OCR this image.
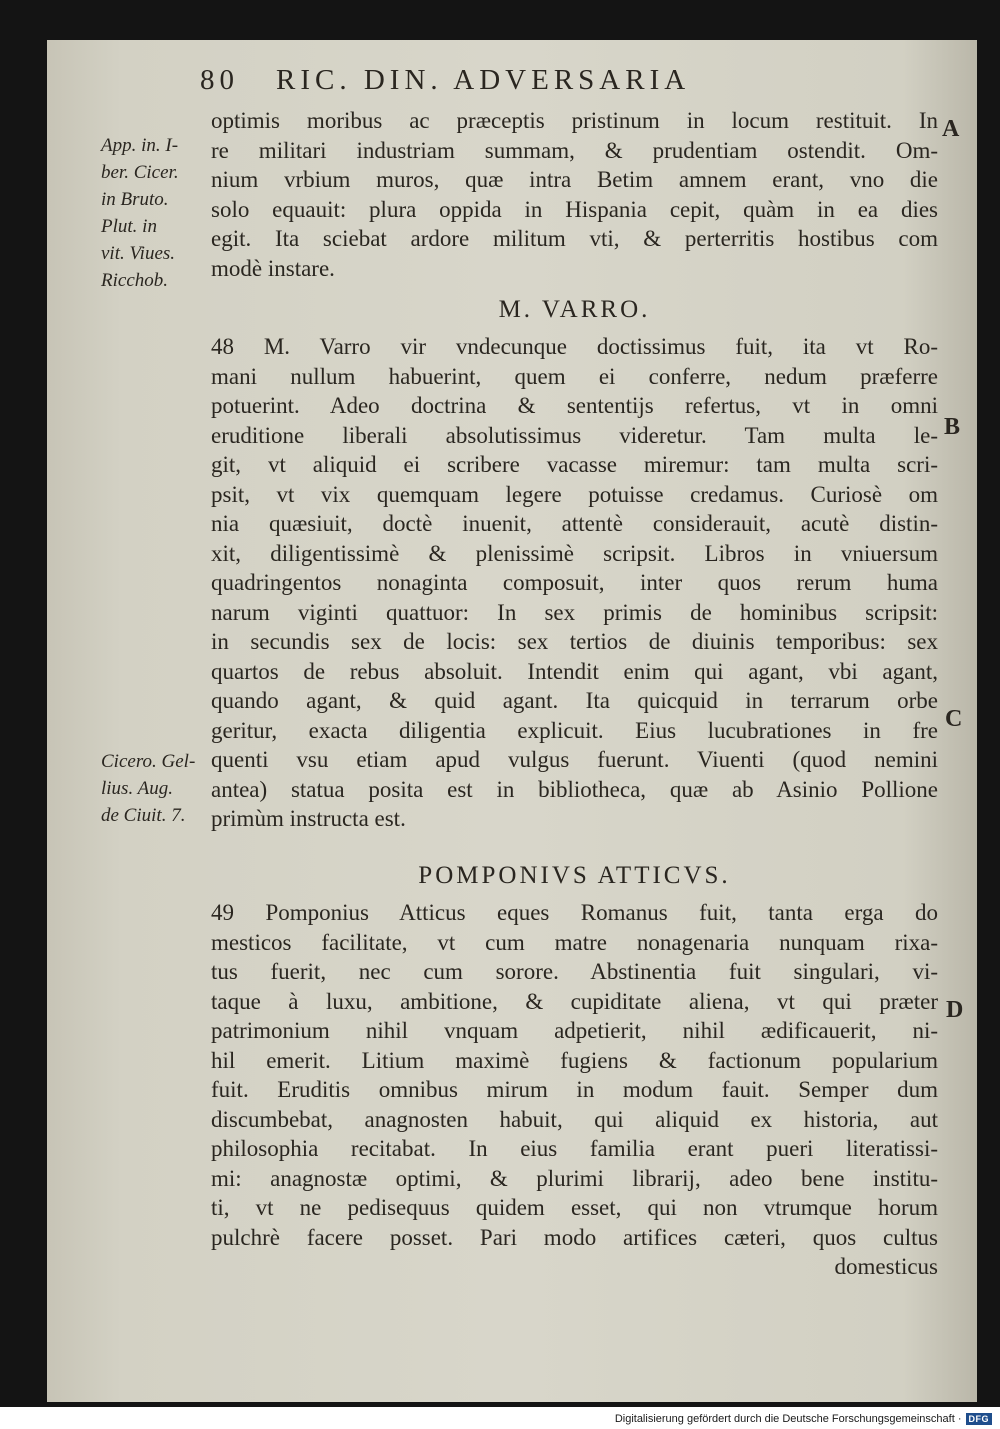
80 RIC. DIN. ADVERSARIA
App. in. I-
ber. Cicer.
in Bruto.
Plut. in
vit. Viues.
Ricchob.
Cicero. Gel-
lius. Aug.
de Ciuit. 7.
A
B
C
D
optimis moribus ac præceptis pristinum in locum restituit. In
re militari industriam summam, & prudentiam ostendit. Om-
nium vrbium muros, quæ intra Betim amnem erant, vno die
solo equauit: plura oppida in Hispania cepit, quàm in ea dies
egit. Ita sciebat ardore militum vti, & perterritis hostibus com
modè instare.
M. VARRO.
48 M. Varro vir vndecunque doctissimus fuit, ita vt Ro-
mani nullum habuerint, quem ei conferre, nedum præferre
potuerint. Adeo doctrina & sententijs refertus, vt in omni
eruditione liberali absolutissimus videretur. Tam multa le-
git, vt aliquid ei scribere vacasse miremur: tam multa scri-
psit, vt vix quemquam legere potuisse credamus. Curiosè om
nia quæsiuit, doctè inuenit, attentè considerauit, acutè distin-
xit, diligentissimè & plenissimè scripsit. Libros in vniuersum
quadringentos nonaginta composuit, inter quos rerum huma
narum viginti quattuor: In sex primis de hominibus scripsit:
in secundis sex de locis: sex tertios de diuinis temporibus: sex
quartos de rebus absoluit. Intendit enim qui agant, vbi agant,
quando agant, & quid agant. Ita quicquid in terrarum orbe
geritur, exacta diligentia explicuit. Eius lucubrationes in fre
quenti vsu etiam apud vulgus fuerunt. Viuenti (quod nemini
antea) statua posita est in bibliotheca, quæ ab Asinio Pollione
primùm instructa est.
POMPONIVS ATTICVS.
49 Pomponius Atticus eques Romanus fuit, tanta erga do
mesticos facilitate, vt cum matre nonagenaria nunquam rixa-
tus fuerit, nec cum sorore. Abstinentia fuit singulari, vi-
taque à luxu, ambitione, & cupiditate aliena, vt qui præter
patrimonium nihil vnquam adpetierit, nihil ædificauerit, ni-
hil emerit. Litium maximè fugiens & factionum popularium
fuit. Eruditis omnibus mirum in modum fauit. Semper dum
discumbebat, anagnosten habuit, qui aliquid ex historia, aut
philosophia recitabat. In eius familia erant pueri literatissi-
mi: anagnostæ optimi, & plurimi librarij, adeo bene institu-
ti, vt ne pedisequus quidem esset, qui non vtrumque horum
pulchrè facere posset. Pari modo artifices cæteri, quos cultus
domesticus
Digitalisierung gefördert durch die Deutsche Forschungsgemeinschaft · DFG
